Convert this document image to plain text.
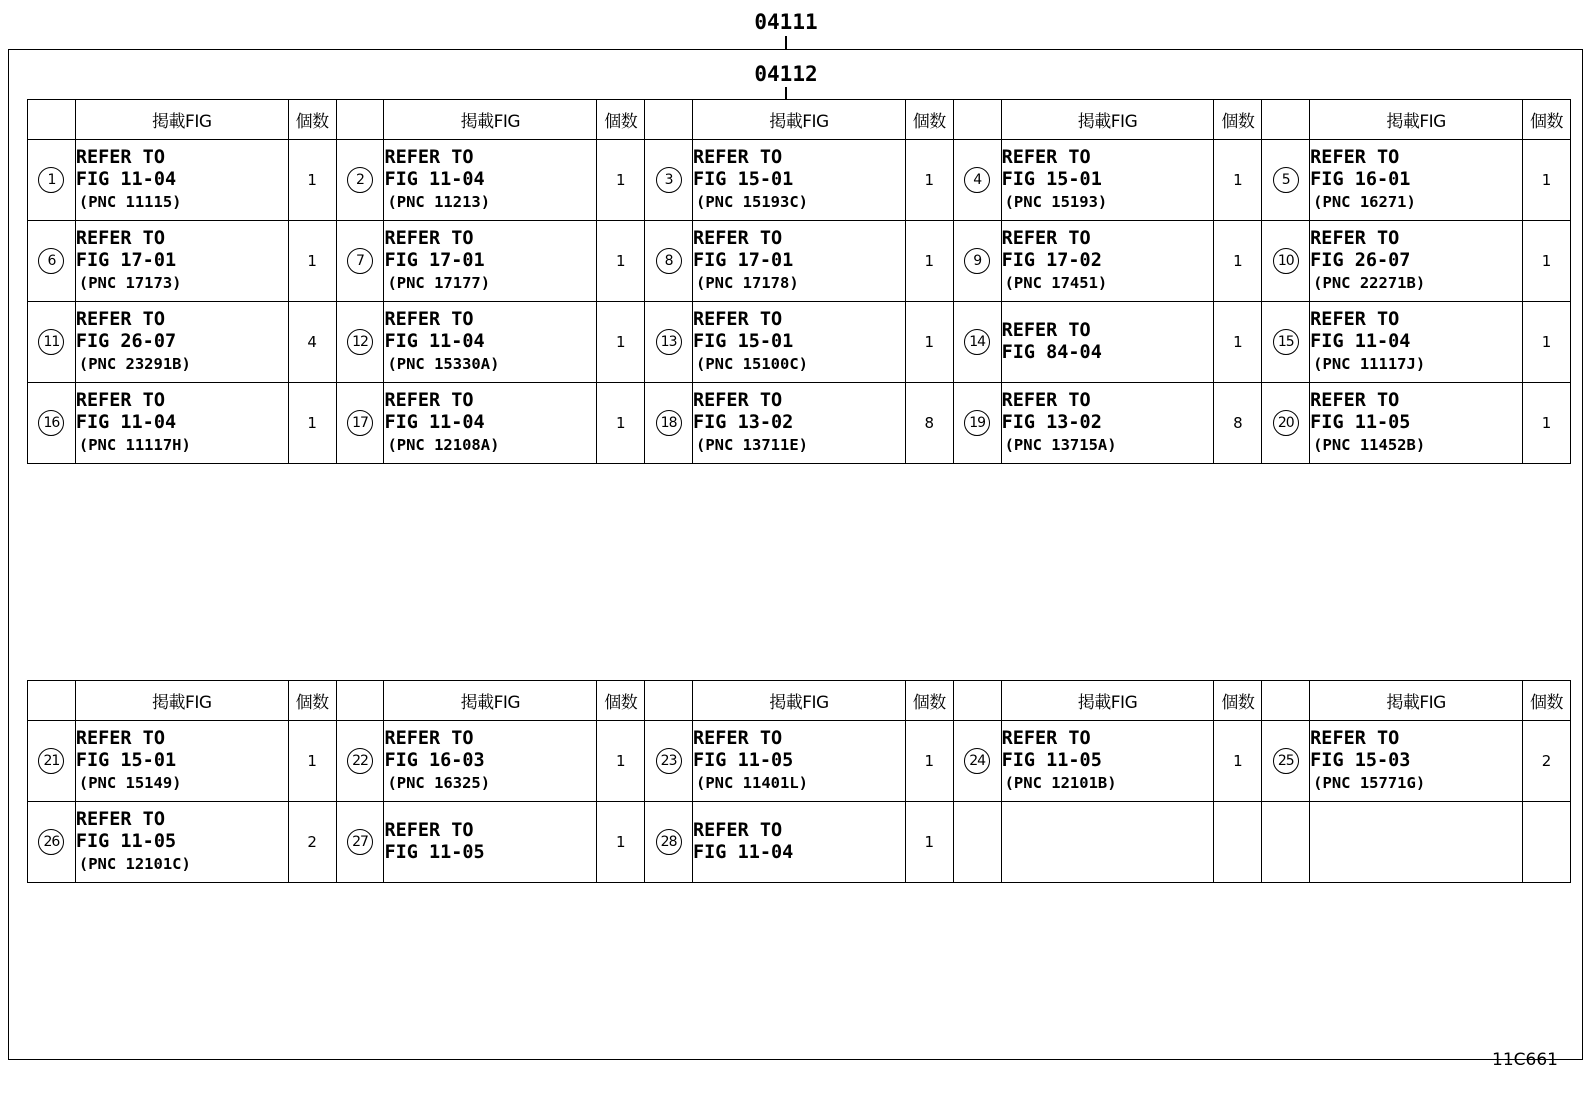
04111
04112
	掲載FIG	個数		掲載FIG	個数		掲載FIG	個数		掲載FIG	個数		掲載FIG	個数
1	REFER TO
FIG 11-04
(PNC 11115)	1	2	REFER TO
FIG 11-04
(PNC 11213)	1	3	REFER TO
FIG 15-01
(PNC 15193C)	1	4	REFER TO
FIG 15-01
(PNC 15193)	1	5	REFER TO
FIG 16-01
(PNC 16271)	1
6	REFER TO
FIG 17-01
(PNC 17173)	1	7	REFER TO
FIG 17-01
(PNC 17177)	1	8	REFER TO
FIG 17-01
(PNC 17178)	1	9	REFER TO
FIG 17-02
(PNC 17451)	1	10	REFER TO
FIG 26-07
(PNC 22271B)	1
11	REFER TO
FIG 26-07
(PNC 23291B)	4	12	REFER TO
FIG 11-04
(PNC 15330A)	1	13	REFER TO
FIG 15-01
(PNC 15100C)	1	14	REFER TO
FIG 84-04	1	15	REFER TO
FIG 11-04
(PNC 11117J)	1
16	REFER TO
FIG 11-04
(PNC 11117H)	1	17	REFER TO
FIG 11-04
(PNC 12108A)	1	18	REFER TO
FIG 13-02
(PNC 13711E)	8	19	REFER TO
FIG 13-02
(PNC 13715A)	8	20	REFER TO
FIG 11-05
(PNC 11452B)	1
	掲載FIG	個数		掲載FIG	個数		掲載FIG	個数		掲載FIG	個数		掲載FIG	個数
21	REFER TO
FIG 15-01
(PNC 15149)	1	22	REFER TO
FIG 16-03
(PNC 16325)	1	23	REFER TO
FIG 11-05
(PNC 11401L)	1	24	REFER TO
FIG 11-05
(PNC 12101B)	1	25	REFER TO
FIG 15-03
(PNC 15771G)	2
26	REFER TO
FIG 11-05
(PNC 12101C)	2	27	REFER TO
FIG 11-05	1	28	REFER TO
FIG 11-04	1						
11C661
